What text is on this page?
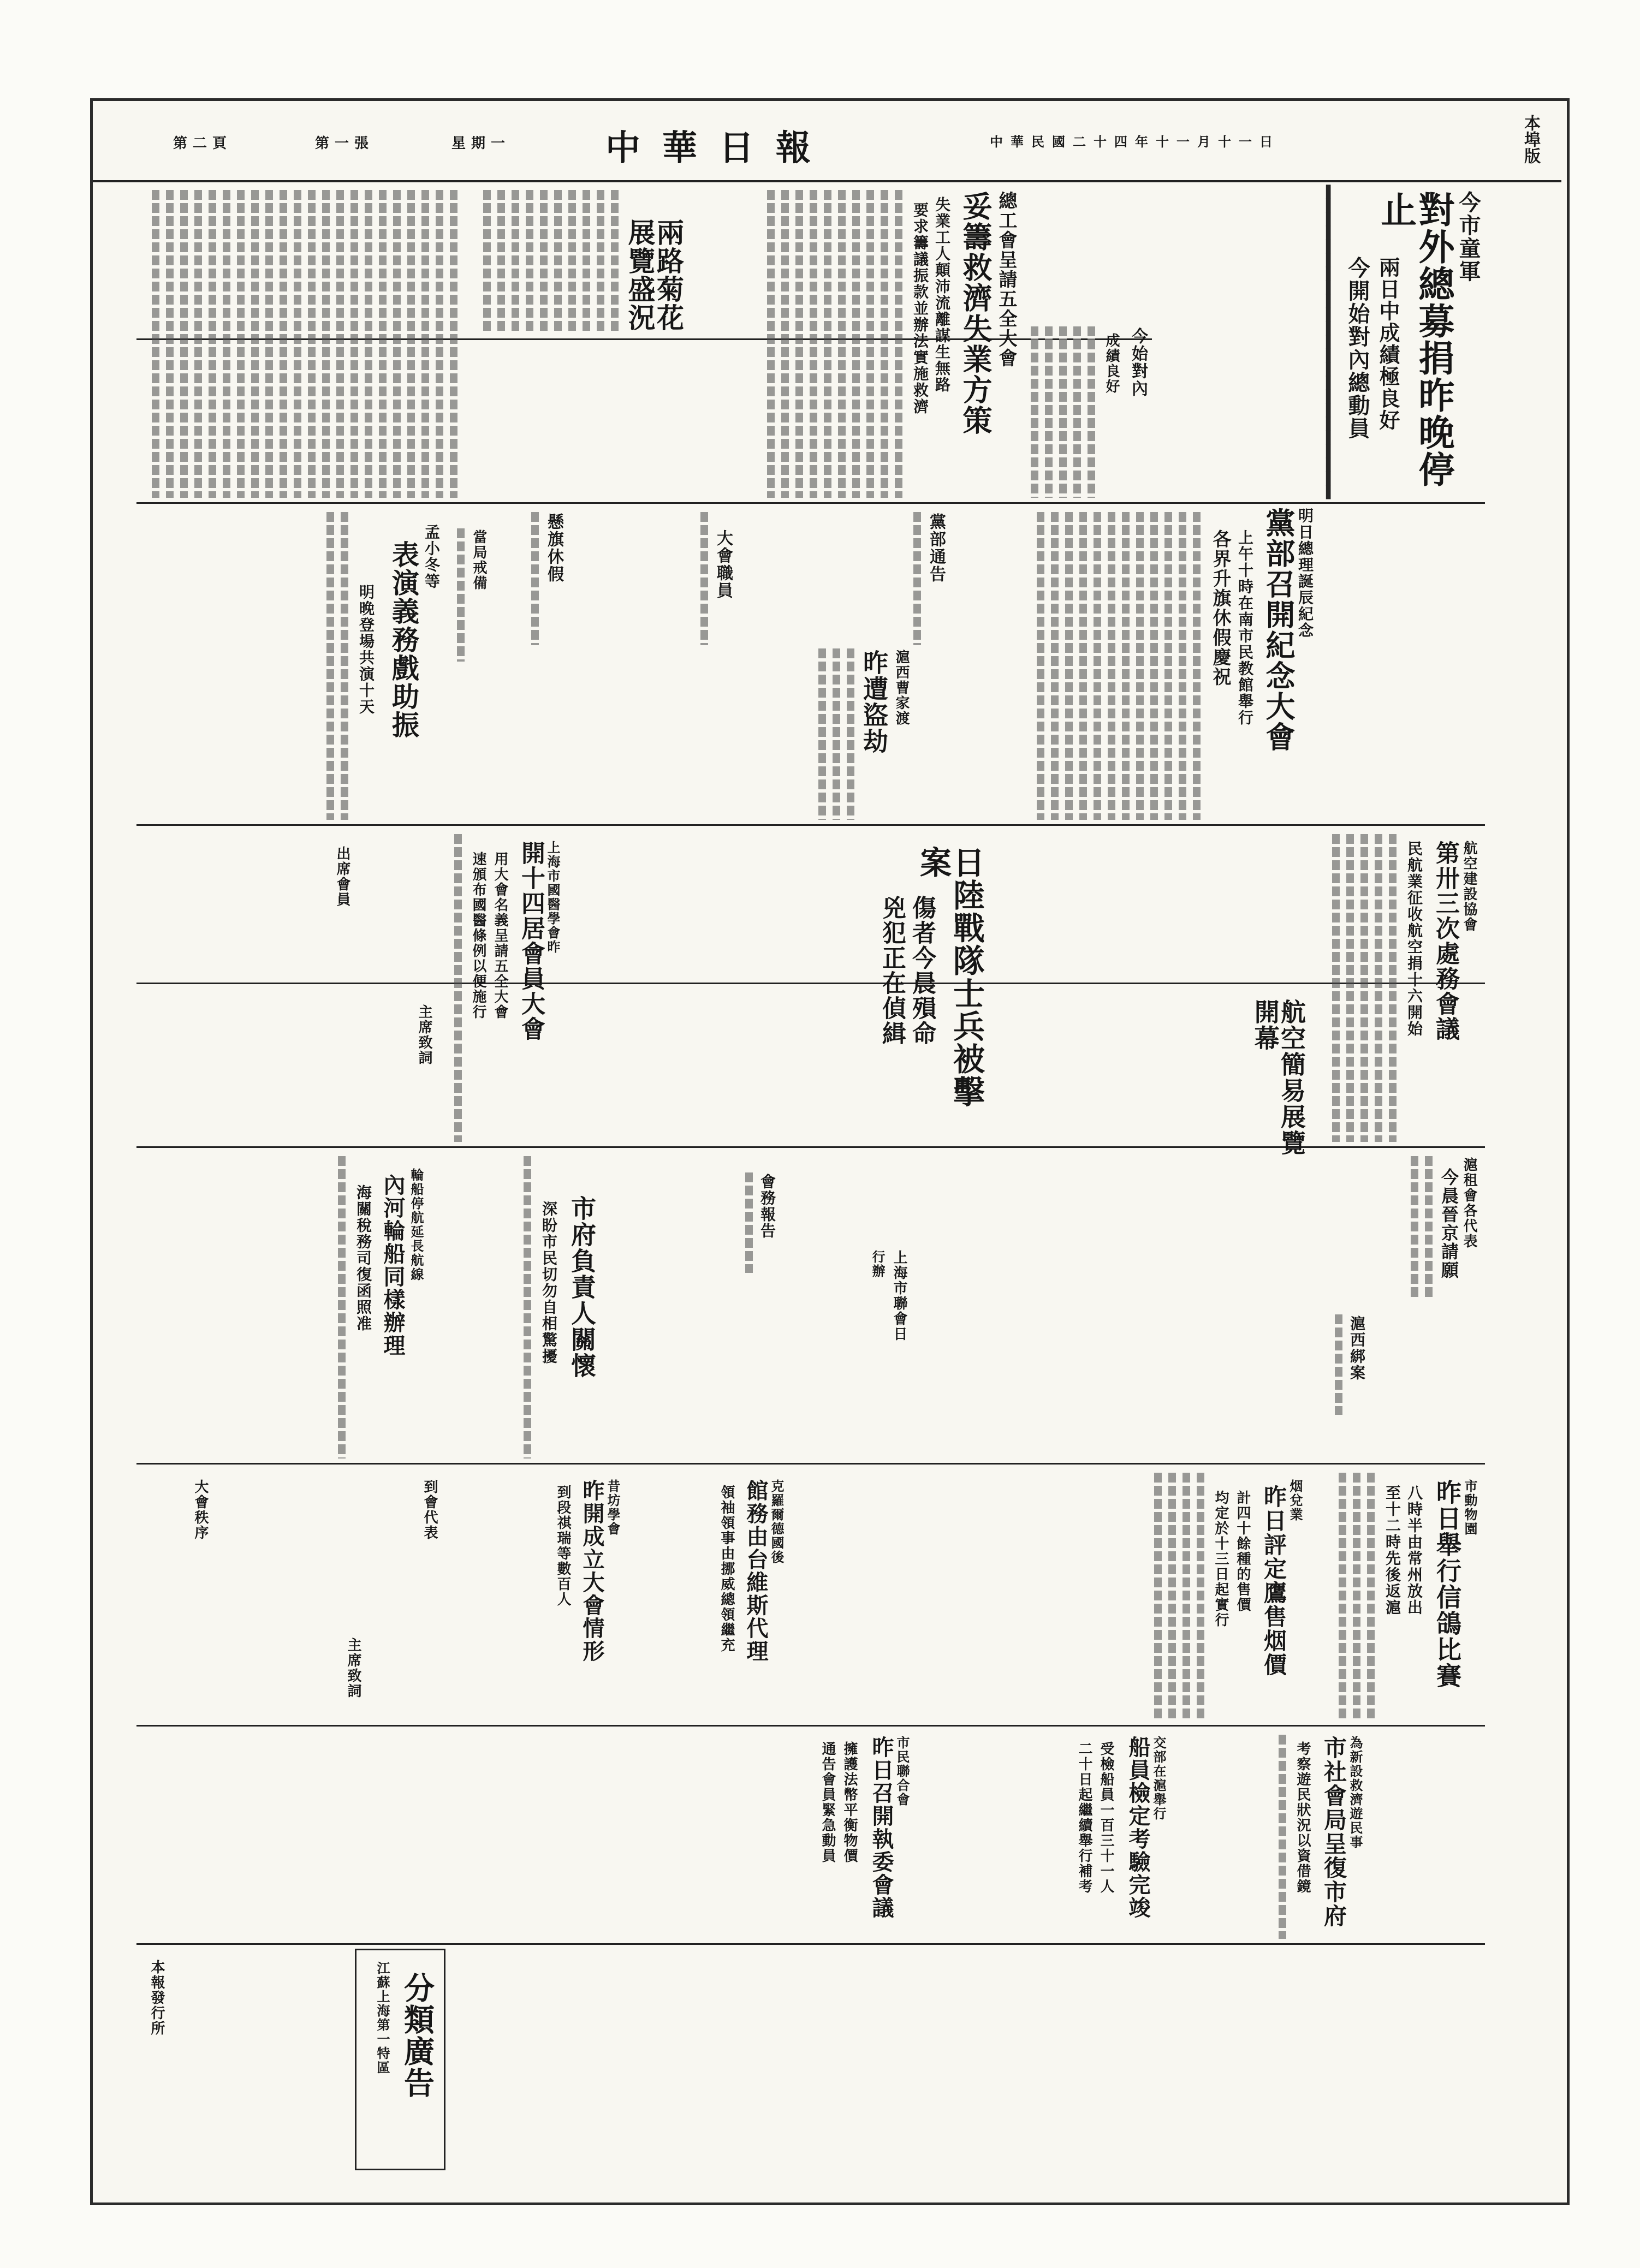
本埠版
中華民國二十四年十一月十一日
中華日報
星期一
第一張
第二頁
今市童軍
對外總募捐昨晚停止
兩日中成績極良好
今開始對內總動員
▌▌▌▌▌▌▌▌▌▌▌▌▌▌▌▌▌▌▌▌▌▌▌
今始對內
成績良好
總工會呈請五全大會
妥籌救濟失業方策
失業工人顛沛流離謀生無路
要求籌議振款並辦法實施救濟
兩路菊花展覽盛況
明日總理誕辰紀念
黨部召開紀念大會
上午十時在南市民教館舉行
各界升旗休假慶祝
黨部通告
大會職員
懸旗休假
當局戒備
孟小冬等
表演義務戲助振
明晚登場共演十天	滬西曹家渡
昨遭盜劫
航空建設協會
第卅三次處務會議
民航業征收航空捐十六開始
日陸戰隊士兵被擊案
傷者今晨殞命
兇犯正在偵緝
上海市國醫學會昨
開十四居會員大會
用大會名義呈請五全大會
速頒布國醫條例以便施行
出席會員
主席致詞	航空簡易展覽開幕
滬租會各代表
今晨晉京請願
市府負責人關懷
深盼市民切勿自相驚擾	會務報告
輪船停航延長航線
內河輪船同樣辦理
海關稅務司復函照准	上海市聯會日
行辦
滬西綁案
克羅爾德國後
館務由台維斯代理
領袖領事由挪威總領繼充
昔坊學會
昨開成立大會情形
到段祺瑞等數百人
到會代表
大會秩序
主席致詞
市動物園
昨日舉行信鴿比賽
八時半由常州放出
至十二時先後返滬
烟兌業
昨日評定鷹售烟價
計四十餘種的售價
均定於十三日起實行
為新設救濟遊民事
市社會局呈復市府
考察遊民狀況以資借鏡
交部在滬舉行
船員檢定考驗完竣
受檢船員一百三十一人
二十日起繼續舉行補考
市民聯合會
昨日召開執委會議
擁護法幣平衡物價
通告會員緊急動員
分類廣告
江蘇上海第一特區
本報發行所
